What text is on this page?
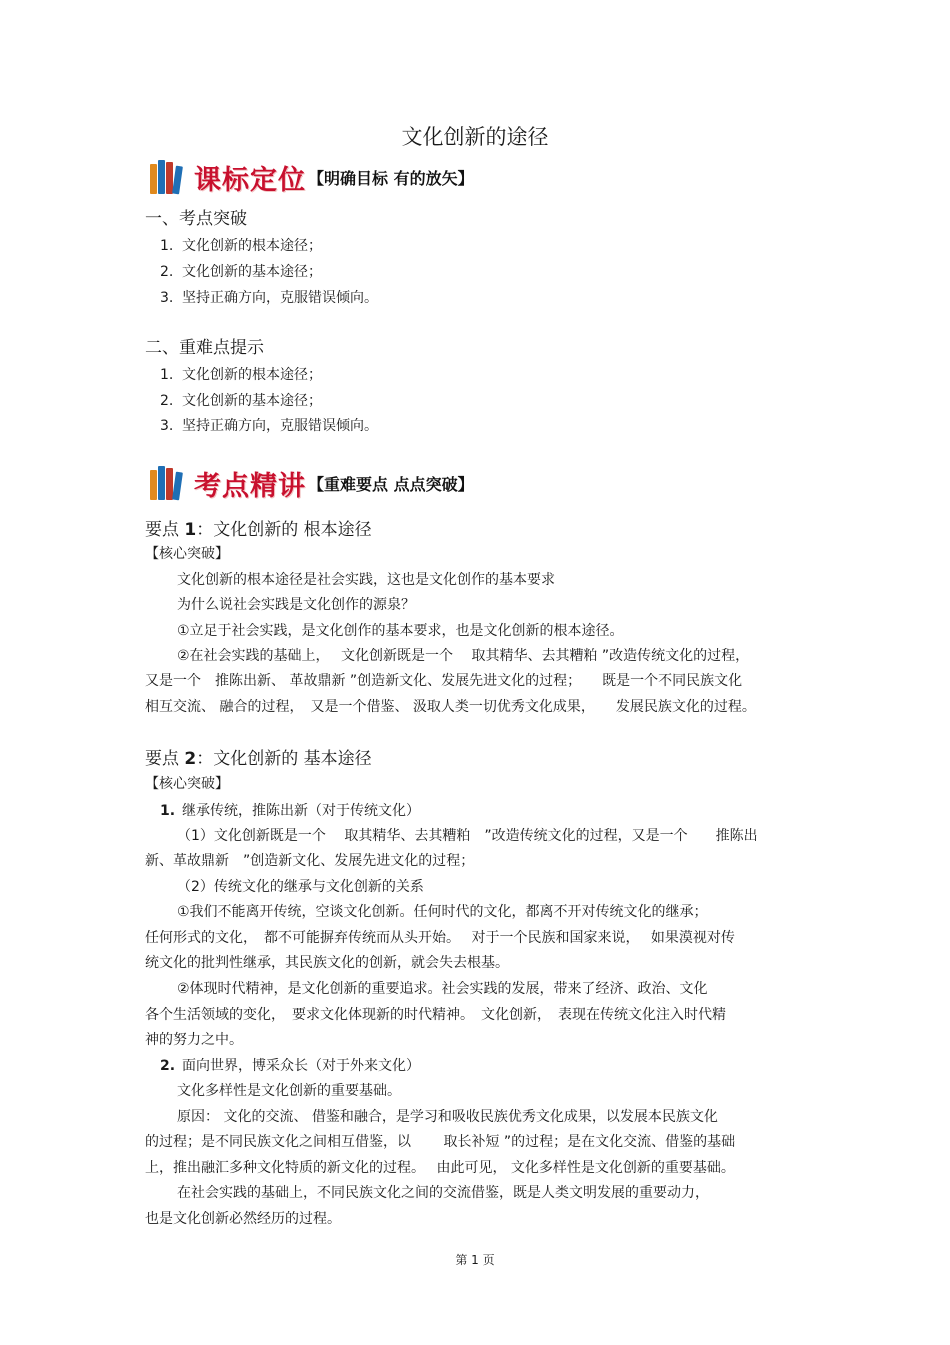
文化创新的途径
课标定位 【明确目标 有的放矢】
一、考点突破
1. 文化创新的根本途径；
2. 文化创新的基本途径；
3. 坚持正确方向，克服错误倾向。
二、重难点提示
1. 文化创新的根本途径；
2. 文化创新的基本途径；
3. 坚持正确方向，克服错误倾向。
考点精讲 【重难要点 点点突破】
要点 1：文化创新的 根本途径
【核心突破】
文化创新的根本途径是社会实践，这也是文化创作的基本要求
为什么说社会实践是文化创作的源泉？
①立足于社会实践，是文化创作的基本要求，也是文化创新的根本途径。
②在社会实践的基础上，　 文化创新既是一个　 取其精华、去其糟粕 ”改造传统文化的过程，
又是一个　推陈出新、 革故鼎新 ”创造新文化、发展先进文化的过程；　　既是一个不同民族文化
相互交流、 融合的过程，　又是一个借鉴、 汲取人类一切优秀文化成果，　　发展民族文化的过程。
要点 2：文化创新的 基本途径
【核心突破】
1. 继承传统，推陈出新（对于传统文化）
（1）文化创新既是一个　 取其精华、去其糟粕　”改造传统文化的过程，又是一个　　推陈出
新、革故鼎新　”创造新文化、发展先进文化的过程；
（2）传统文化的继承与文化创新的关系
①我们不能离开传统，空谈文化创新。任何时代的文化，都离不开对传统文化的继承；
任何形式的文化，　都不可能摒弃传统而从头开始。　 对于一个民族和国家来说，　 如果漠视对传
统文化的批判性继承，其民族文化的创新，就会失去根基。
②体现时代精神，是文化创新的重要追求。社会实践的发展，带来了经济、政治、文化
各个生活领域的变化，　要求文化体现新的时代精神。　文化创新，　表现在传统文化注入时代精
神的努力之中。
2. 面向世界，博采众长（对于外来文化）
文化多样性是文化创新的重要基础。
原因： 文化的交流、 借鉴和融合，是学习和吸收民族优秀文化成果，以发展本民族文化
的过程；是不同民族文化之间相互借鉴，以　　 取长补短 ”的过程；是在文化交流、借鉴的基础
上，推出融汇多种文化特质的新文化的过程。　 由此可见， 文化多样性是文化创新的重要基础。
在社会实践的基础上，不同民族文化之间的交流借鉴，既是人类文明发展的重要动力，
也是文化创新必然经历的过程。
第 1 页
